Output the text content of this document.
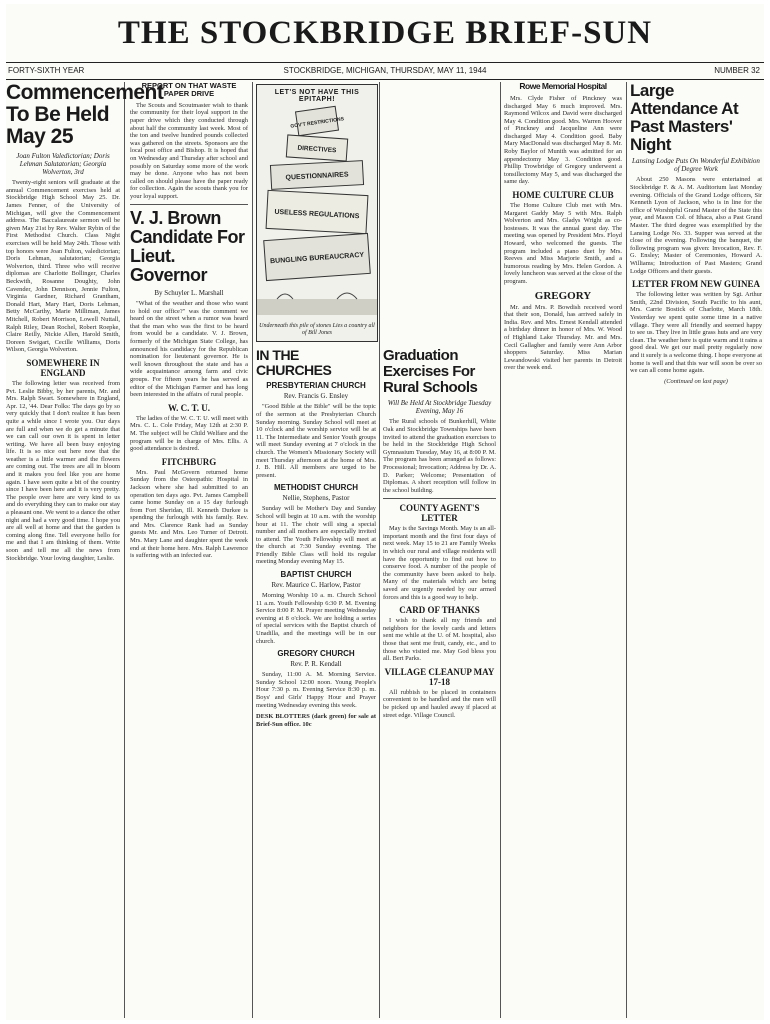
THE STOCKBRIDGE BRIEF-SUN
FORTY-SIXTH YEAR	STOCKBRIDGE, MICHIGAN, THURSDAY, MAY 11, 1944	NUMBER 32
Commencement To Be Held May 25
Joan Fulton Valedictorian; Doris Lehman Salutatorian; Georgia Wolverton, 3rd

Twenty-eight seniors will graduate at the annual Commencement exercises held at Stockbridge High School May 25. Dr. James Fenner, of the University of Michigan, will give the Commencement address. The Baccalaureate sermon will be given May 21st by Rev. Walter Rybin of the First Methodist Church. Class Night exercises will be held May 24th. Those with top honors were Joan Fulton, valedictorian; Doris Lehman, salutatorian; Georgia Wolverton, third. Three who will receive diplomas are Charlotte Bollinger, Charles Beckwith, Rosanne Doughty, John Cavender, John Dennison, Jennie Fulton, Virginia Gardner, Richard Grantham, Donald Hart, Mary Hart, Doris Lehman, Betty McCarthy, Marie Milliman, James Mitchell, Robert Morrison, Lowell Nuttall, Ralph Riley, Dean Rochel, Robert Roepke, Claire Reilly, Nickie Allen, Harold Smith, Doreen Swigart, Cecille Williams, Doris Wilson, Georgia Wolverton.

SOMEWHERE IN ENGLAND

The following letter was received from Pvt. Leslie Bibby, by her parents, Mr. and Mrs. Ralph Swart. Somewhere in England, Apr. 12, '44. Dear Folks: The days go by so very quickly that I don't realize it has been quite a while since I wrote you. Our days are full and when we do get a minute that we can call our own it is spent in letter writing. We have all been busy enjoying life. It is so nice out here now that the weather is a little warmer and the flowers are coming out. The trees are all in bloom and it makes you feel like you are home again. I have seen quite a bit of the country since I have been here and it is very pretty. The people over here are very kind to us and do everything they can to make our stay a pleasant one. We went to a dance the other night and had a very good time. I hope you are all well at home and that the garden is coming along fine. Tell everyone hello for me and that I am thinking of them. Write soon and tell me all the news from Stockbridge. Your loving daughter, Leslie.

REPORT ON THAT WASTE PAPER DRIVE

The Scouts and Scoutmaster wish to thank the community for their loyal support in the paper drive which they conducted through about half the community last week. Most of the ton and twelve hundred pounds collected was gathered on the streets. Sponsors are the local post office and Bishop. It is hoped that on Wednesday and Thursday after school and possibly on Saturday some more of the work may be done. Anyone who has not been called on should please have the paper ready for collection. Again the scouts thank you for your loyal support.

V. J. Brown Candidate For Lieut. Governor
By Schuyler L. Marshall

"What of the weather and those who want to hold our office?" was the comment we heard on the street when a rumor was heard that the man who was the first to be heard from would be a candidate. V. J. Brown, formerly of the Michigan State College, has announced his candidacy for the Republican nomination for lieutenant governor. He is well known throughout the state and has a wide acquaintance among farm and civic groups. For fifteen years he has served as editor of the Michigan Farmer and has long been interested in the affairs of rural people.

W. C. T. U.

The ladies of the W. C. T. U. will meet with Mrs. C. L. Cole Friday, May 12th at 2:30 P. M. The subject will be Child Welfare and the program will be in charge of Mrs. Ellis. A good attendance is desired.

FITCHBURG

Mrs. Paul McGovern returned home Sunday from the Osteopathic Hospital in Jackson where she had submitted to an operation ten days ago. Pvt. James Campbell came home Sunday on a 15 day furlough from Fort Sheridan, Ill. Kenneth Durkee is spending the furlough with his family. Rev. and Mrs. Clarence Rank had as Sunday guests Mr. and Mrs. Leo Turner of Detroit. Mrs. Mary Lane and daughter spent the week end at their home here. Mrs. Ralph Lawrence is suffering with an infected ear.

LET'S NOT HAVE THIS EPITAPH!
GOV'T RESTRICTIONS
DIRECTIVES
QUESTIONNAIRES
USELESS REGULATIONS
BUNGLING BUREAUCRACY
Underneath this pile of stones Lies a country all of Bill Jones
IN THE CHURCHES
PRESBYTERIAN CHURCH
Rev. Francis G. Ensley

"Good Bible at the Bible" will be the topic of the sermon at the Presbyterian Church Sunday morning. Sunday School will meet at 10 o'clock and the worship service will be at 11. The Intermediate and Senior Youth groups will meet Sunday evening at 7 o'clock in the church. The Women's Missionary Society will meet Thursday afternoon at the home of Mrs. J. B. Hill. All members are urged to be present.

METHODIST CHURCH
Nellie, Stephens, Pastor

Sunday will be Mother's Day and Sunday School will begin at 10 a.m. with the worship hour at 11. The choir will sing a special number and all mothers are especially invited to attend. The Youth Fellowship will meet at the church at 7:30 Sunday evening. The Friendly Bible Class will hold its regular meeting Monday evening May 15.

BAPTIST CHURCH
Rev. Maurice C. Harlow, Pastor

Morning Worship 10 a. m. Church School 11 a.m. Youth Fellowship 6:30 P. M. Evening Service 8:00 P. M. Prayer meeting Wednesday evening at 8 o'clock. We are holding a series of special services with the Baptist church of Unadilla, and the meetings will be in our church.

GREGORY CHURCH
Rev. P. R. Kendall

Sunday, 11:00 A. M. Morning Service. Sunday School 12:00 noon. Young People's Hour 7:30 p. m. Evening Service 8:30 p. m. Boys' and Girls' Happy Hour and Prayer meeting Wednesday evening this week.

DESK BLOTTERS (dark green) for sale at Brief-Sun office. 10c
Graduation Exercises For Rural Schools
Will Be Held At Stockbridge Tuesday Evening, May 16

The Rural schools of Bunkerhill, White Oak and Stockbridge Townships have been invited to attend the graduation exercises to be held in the Stockbridge High School Gymnasium Tuesday, May 16, at 8:00 P. M. The program has been arranged as follows: Processional; Invocation; Address by Dr. A. D. Parker; Welcome; Presentation of Diplomas. A short reception will follow in the school building.

COUNTY AGENT'S LETTER

May is the Savings Month. May is an all-important month and the first four days of next week. May 15 to 21 are Family Weeks in which our rural and village residents will have the opportunity to find out how to conserve food. A number of the people of the community have been asked to help. Many of the materials which are being saved are urgently needed by our armed forces and this is a good way to help.

CARD OF THANKS

I wish to thank all my friends and neighbors for the lovely cards and letters sent me while at the U. of M. hospital, also those that sent me fruit, candy, etc., and to those who visited me. May God bless you all. Bert Parks.

VILLAGE CLEANUP MAY 17-18

All rubbish to be placed in containers convenient to be handled and the men will be picked up and hauled away if placed at street edge. Village Council.

Rowe Memorial Hospital

Mrs. Clyde Fisher of Pinckney was discharged May 6 much improved. Mrs. Raymond Wilcox and David were discharged May 4. Condition good. Mrs. Warren Hoover of Pinckney and Jacqueline Ann were discharged May 4. Condition good. Baby Mary MacDonald was discharged May 8. Mr. Roby Baylor of Munith was admitted for an appendectomy May 3. Condition good. Phillip Trowbridge of Gregory underwent a tonsillectomy May 5, and was discharged the same day.

HOME CULTURE CLUB

The Home Culture Club met with Mrs. Margaret Gaddy May 5 with Mrs. Ralph Wolverton and Mrs. Gladys Wright as co-hostesses. It was the annual guest day. The meeting was opened by President Mrs. Floyd Howard, who welcomed the guests. The program included a piano duet by Mrs. Reeves and Miss Marjorie Smith, and a humorous reading by Mrs. Helen Gordon. A lovely luncheon was served at the close of the program.

GREGORY

Mr. and Mrs. P. Bowdish received word that their son, Donald, has arrived safely in India. Rev. and Mrs. Ernest Kendall attended a birthday dinner in honor of Mrs. W. Wood of Highland Lake Thursday. Mr. and Mrs. Cecil Gallagher and family were Ann Arbor shoppers Saturday. Miss Marian Lewandowski visited her parents in Detroit over the week end.

Large Attendance At Past Masters' Night
Lansing Lodge Puts On Wonderful Exhibition of Degree Work

About 250 Masons were entertained at Stockbridge F. & A. M. Auditorium last Monday evening. Officials of the Grand Lodge officers, Sir Kenneth Lyon of Jackson, who is in line for the office of Worshipful Grand Master of the State this year, and Mason Col. of Ithaca, also a Past Grand Master. The third degree was exemplified by the Lansing Lodge No. 33. Supper was served at the close of the evening. Following the banquet, the following program was given: Invocation, Rev. F. G. Ensley; Master of Ceremonies, Howard A. Williams; Introduction of Past Masters; Grand Lodge Officers and their guests.

LETTER FROM NEW GUINEA

The following letter was written by Sgt. Arthur Smith, 22nd Division, South Pacific to his aunt, Mrs. Carrie Bostick of Charlotte, March 18th. Yesterday we spent quite some time in a native village. They were all friendly and seemed happy to see us. They live in little grass huts and are very clean. The weather here is quite warm and it rains a good deal. We get our mail pretty regularly now and it surely is a welcome thing. I hope everyone at home is well and that this war will soon be over so we can all come home again.

(Continued on last page)
